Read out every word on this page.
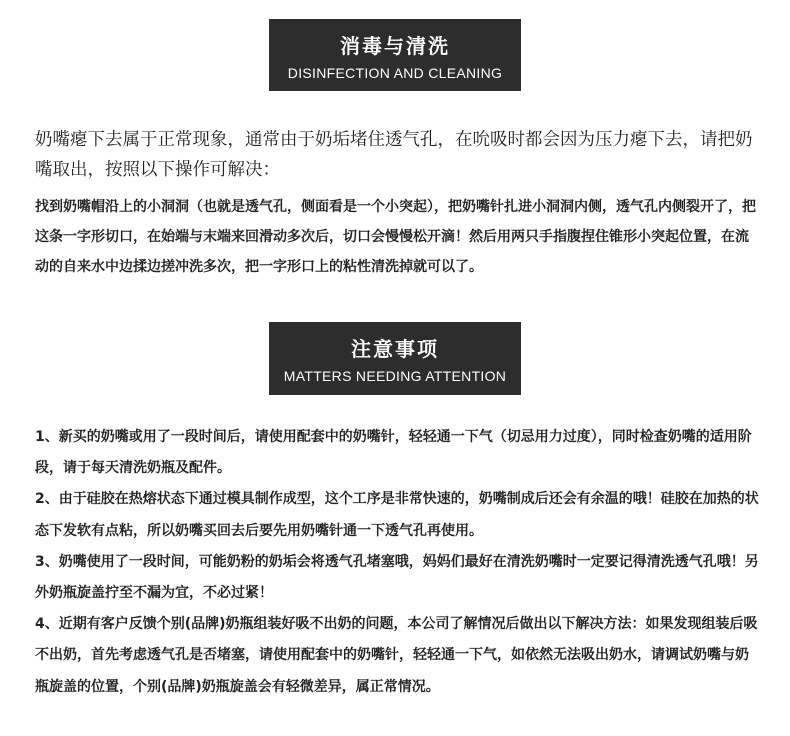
消毒与清洗
DISINFECTION AND CLEANING

奶嘴瘪下去属于正常现象，通常由于奶垢堵住透气孔，在吮吸时都会因为压力瘪下去，请把奶嘴取出，按照以下操作可解决：

找到奶嘴帽沿上的小洞洞（也就是透气孔，侧面看是一个小突起），把奶嘴针扎进小洞洞内侧，透气孔内侧裂开了，把这条一字形切口，在始端与末端来回滑动多次后，切口会慢慢松开滴！然后用两只手指腹捏住锥形小突起位置，在流动的自来水中边揉边搓冲洗多次，把一字形口上的粘性清洗掉就可以了。

注意事项
MATTERS NEEDING ATTENTION
1、新买的奶嘴或用了一段时间后，请使用配套中的奶嘴针，轻轻通一下气（切忌用力过度），同时检查奶嘴的适用阶段，请于每天清洗奶瓶及配件。
2、由于硅胶在热熔状态下通过模具制作成型，这个工序是非常快速的，奶嘴制成后还会有余温的哦！硅胶在加热的状态下发软有点粘，所以奶嘴买回去后要先用奶嘴针通一下透气孔再使用。
3、奶嘴使用了一段时间，可能奶粉的奶垢会将透气孔堵塞哦，妈妈们最好在清洗奶嘴时一定要记得清洗透气孔哦！另外奶瓶旋盖拧至不漏为宜，不必过紧！
4、近期有客户反馈个别(品牌)奶瓶组装好吸不出奶的问题，本公司了解情况后做出以下解决方法：如果发现组装后吸不出奶，首先考虑透气孔是否堵塞，请使用配套中的奶嘴针，轻轻通一下气，如依然无法吸出奶水，请调试奶嘴与奶瓶旋盖的位置，个别(品牌)奶瓶旋盖会有轻微差异，属正常情况。
